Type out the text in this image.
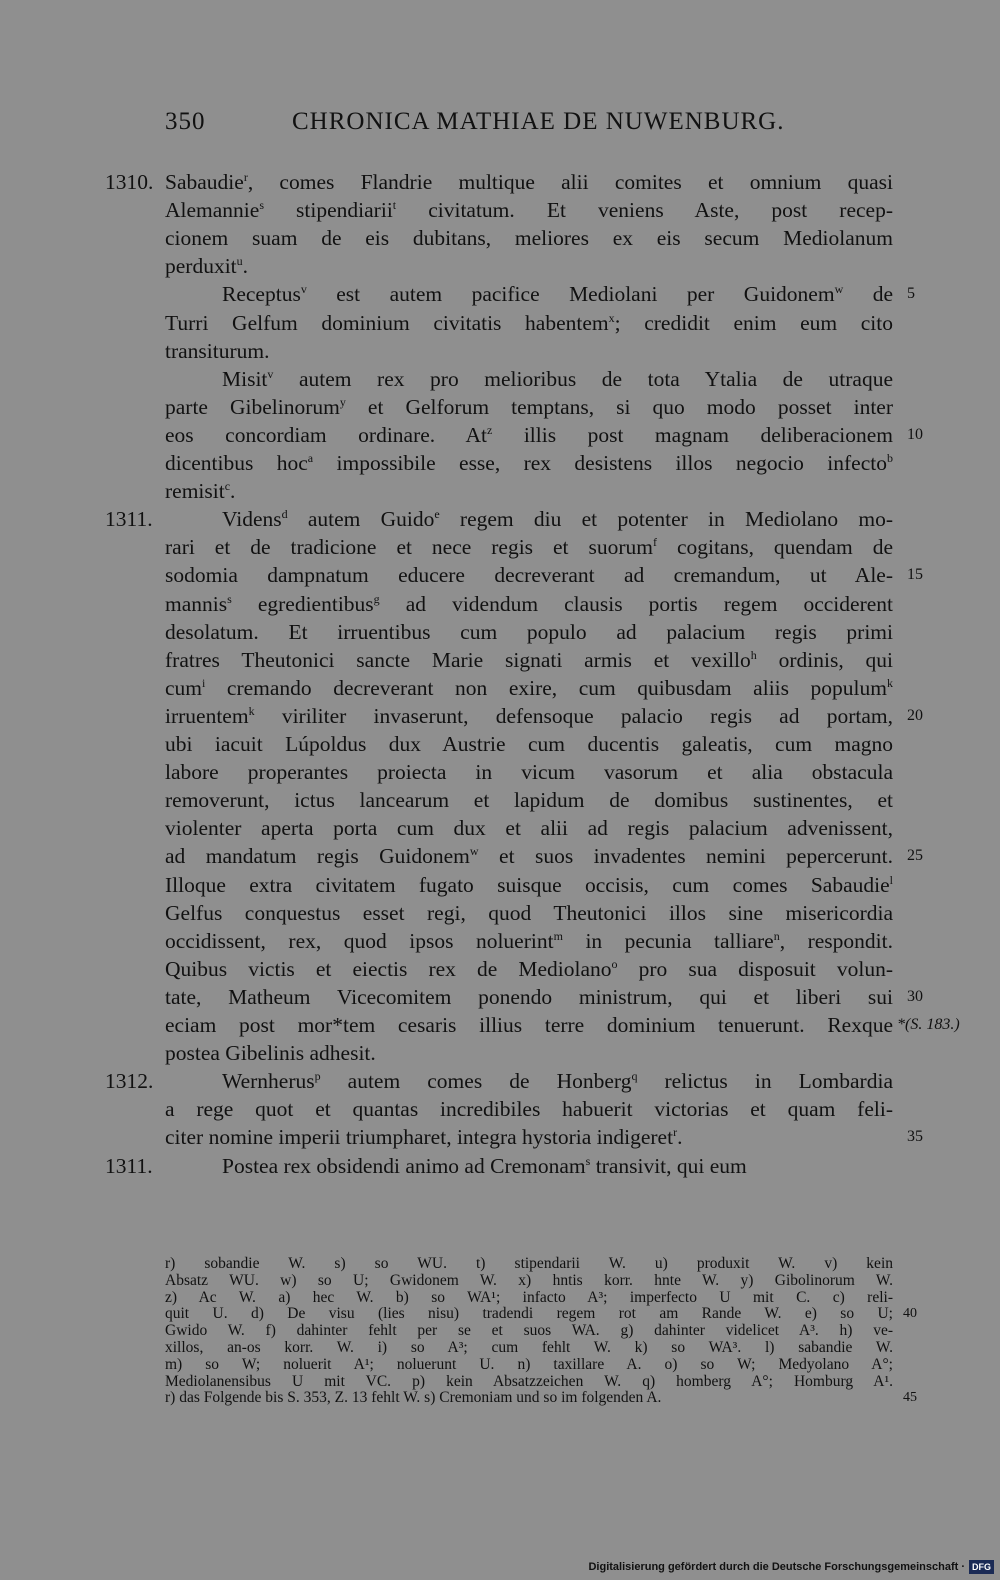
350	CHRONICA MATHIAE DE NUWENBURG.
Sabaudie$^r$, comes Flandrie multique alii comites et omnium quasi
Alemannie$^s$ stipendiarii$^t$ civitatum. Et veniens Aste, post recep-
cionem suam de eis dubitans, meliores ex eis secum Mediolanum
perduxit$^u$.
Receptus$^v$ est autem pacifice Mediolani per Guidonem$^w$ de
Turri Gelfum dominium civitatis habentem$^x$; credidit enim eum cito
transiturum.
Misit$^v$ autem rex pro melioribus de tota Ytalia de utraque
parte Gibelinorum$^y$ et Gelforum temptans, si quo modo posset inter
eos concordiam ordinare. At$^z$ illis post magnam deliberacionem
dicentibus hoc$^a$ impossibile esse, rex desistens illos negocio infecto$^b$
remisit$^c$.
Videns$^d$ autem Guido$^e$ regem diu et potenter in Mediolano mo-
rari et de tradicione et nece regis et suorum$^f$ cogitans, quendam de
sodomia dampnatum educere decreverant ad cremandum, ut Ale-
mannis$^s$ egredientibus$^g$ ad videndum clausis portis regem occiderent
desolatum. Et irruentibus cum populo ad palacium regis primi
fratres Theutonici sancte Marie signati armis et vexillo$^h$ ordinis, qui
cum$^i$ cremando decreverant non exire, cum quibusdam aliis populum$^k$
irruentem$^k$ viriliter invaserunt, defensoque palacio regis ad portam,
ubi iacuit Lúpoldus dux Austrie cum ducentis galeatis, cum magno
labore properantes proiecta in vicum vasorum et alia obstacula
removerunt, ictus lancearum et lapidum de domibus sustinentes, et
violenter aperta porta cum dux et alii ad regis palacium advenissent,
ad mandatum regis Guidonem$^w$ et suos invadentes nemini pepercerunt.
Illoque extra civitatem fugato suisque occisis, cum comes Sabaudie$^l$
Gelfus conquestus esset regi, quod Theutonici illos sine misericordia
occidissent, rex, quod ipsos noluerint$^m$ in pecunia talliare$^n$, respondit.
Quibus victis et eiectis rex de Mediolano$^o$ pro sua disposuit volun-
tate, Matheum Vicecomitem ponendo ministrum, qui et liberi sui
eciam post mor*tem cesaris illius terre dominium tenuerunt. Rexque
postea Gibelinis adhesit.
Wernherus$^p$ autem comes de Honberg$^q$ relictus in Lombardia
a rege quot et quantas incredibiles habuerit victorias et quam feli-
citer nomine imperii triumpharet, integra hystoria indigeret$^r$.
Postea rex obsidendi animo ad Cremonam$^s$ transivit, qui eum
1310.
1311.
1312.
1311.
5
10
15
20
25
30
*(S. 183.)
35
r) sobandie W. s) so WU. t) stipendarii W. u) produxit W. v) kein
Absatz WU. w) so U; Gwidonem W. x) hntis korr. hnte W. y) Gibolinorum W.
z) Ac W. a) hec W. b) so WA¹; infacto A³; imperfecto U mit C. c) reli-
quit U. d) De visu (lies nisu) tradendi regem rot am Rande W. e) so U;
Gwido W. f) dahinter fehlt per se et suos WA. g) dahinter videlicet A³. h) ve-
xillos, an-os korr. W. i) so A³; cum fehlt W. k) so WA³. l) sabandie W.
m) so W; noluerit A¹; noluerunt U. n) taxillare A. o) so W; Medyolano A°;
Mediolanensibus U mit VC. p) kein Absatzzeichen W. q) homberg A°; Homburg A¹.
r) das Folgende bis S. 353, Z. 13 fehlt W. s) Cremoniam und so im folgenden A.
40
45
Digitalisierung gefördert durch die Deutsche Forschungsgemeinschaft · DFG
